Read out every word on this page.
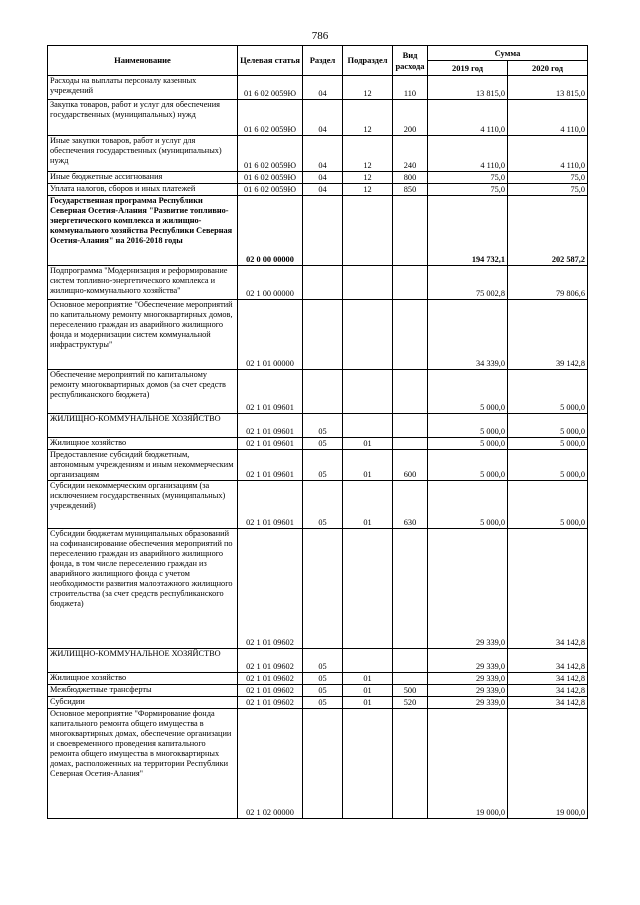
786
Наименование	Целевая статья	Раздел	Подраздел	Вид расхода	Сумма	
					2019 год	2020 год
Расходы на выплаты персоналу казенных учреждений	01 6 02 0059Ю	04	12	110	13 815,0	13 815,0
Закупка товаров, работ и услуг для обеспечения государственных (муниципальных) нужд	01 6 02 0059Ю	04	12	200	4 110,0	4 110,0
Иные закупки товаров, работ и услуг для обеспечения государственных (муниципальных) нужд	01 6 02 0059Ю	04	12	240	4 110,0	4 110,0
Иные бюджетные ассигнования	01 6 02 0059Ю	04	12	800	75,0	75,0
Уплата налогов, сборов и иных платежей	01 6 02 0059Ю	04	12	850	75,0	75,0
Государственная программа Республики Северная Осетия-Алания "Развитие топливно-энергетического комплекса и жилищно-коммунального хозяйства Республики Северная Осетия-Алания" на 2016-2018 годы	02 0 00 00000				194 732,1	202 587,2
Подпрограмма "Модернизация и реформирование систем топливно-энергетического комплекса и жилищно-коммунального хозяйства"	02 1 00 00000				75 002,8	79 806,6
Основное мероприятие "Обеспечение мероприятий по капитальному ремонту многоквартирных домов, переселению граждан из аварийного жилищного фонда и модернизации систем коммунальной инфраструктуры"	02 1 01 00000				34 339,0	39 142,8
Обеспечение мероприятий по капитальному ремонту многоквартирных домов (за счет средств республиканского бюджета)	02 1 01 09601				5 000,0	5 000,0
ЖИЛИЩНО-КОММУНАЛЬНОЕ ХОЗЯЙСТВО	02 1 01 09601	05			5 000,0	5 000,0
Жилищное хозяйство	02 1 01 09601	05	01		5 000,0	5 000,0
Предоставление субсидий бюджетным, автономным учреждениям и иным некоммерческим организациям	02 1 01 09601	05	01	600	5 000,0	5 000,0
Субсидии некоммерческим организациям (за исключением государственных (муниципальных) учреждений)	02 1 01 09601	05	01	630	5 000,0	5 000,0
Субсидии бюджетам муниципальных образований на софинансирование обеспечения мероприятий по переселению граждан из аварийного жилищного фонда, в том числе переселению граждан из аварийного жилищного фонда с учетом необходимости развития малоэтажного жилищного строительства (за счет средств республиканского бюджета)	02 1 01 09602				29 339,0	34 142,8
ЖИЛИЩНО-КОММУНАЛЬНОЕ ХОЗЯЙСТВО	02 1 01 09602	05			29 339,0	34 142,8
Жилищное хозяйство	02 1 01 09602	05	01		29 339,0	34 142,8
Межбюджетные трансферты	02 1 01 09602	05	01	500	29 339,0	34 142,8
Субсидии	02 1 01 09602	05	01	520	29 339,0	34 142,8
Основное мероприятие "Формирование фонда капитального ремонта общего имущества в многоквартирных домах, обеспечение организации и своевременного проведения капитального ремонта общего имущества в многоквартирных домах, расположенных на территории Республики Северная Осетия-Алания"	02 1 02 00000				19 000,0	19 000,0
